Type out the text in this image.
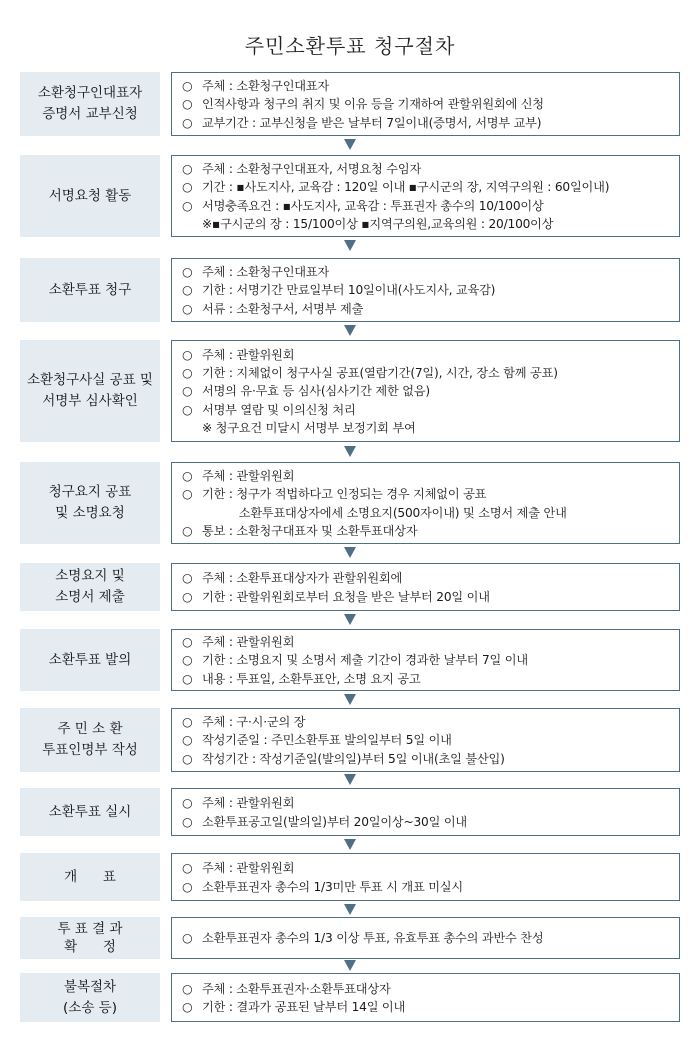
주민소환투표 청구절차
소환청구인대표자
증명서 교부신청
○ 주체 : 소환청구인대표자
○ 인적사항과 청구의 취지 및 이유 등을 기재하여 관할위원회에 신청
○ 교부기간 : 교부신청을 받은 날부터 7일이내(증명서, 서명부 교부)
서명요청 활동
○ 주체 : 소환청구인대표자, 서명요청 수임자
○ 기간 : ▪사도지사, 교육감 : 120일 이내 ▪구시군의 장, 지역구의원 : 60일이내)
○ 서명충족요건 : ▪사도지사, 교육감 : 투표권자 총수의 10/100이상
※▪구시군의 장 : 15/100이상 ▪지역구의원,교육의원 : 20/100이상
소환투표 청구
○ 주체 : 소환청구인대표자
○ 기한 : 서명기간 만료일부터 10일이내(사도지사, 교육감)
○ 서류 : 소환청구서, 서명부 제출
소환청구사실 공표 및
서명부 심사확인
○ 주체 : 관할위원회
○ 기한 : 지체없이 청구사실 공표(열람기간(7일), 시간, 장소 함께 공표)
○ 서명의 유·무효 등 심사(심사기간 제한 없음)
○ 서명부 열람 및 이의신청 처리
※ 청구요건 미달시 서명부 보정기회 부여
청구요지 공표
및 소명요청
○ 주체 : 관할위원회
○ 기한 : 청구가 적법하다고 인정되는 경우 지체없이 공표
소환투표대상자에세 소명요지(500자이내) 및 소명서 제출 안내
○ 통보 : 소환청구대표자 및 소환투표대상자
소명요지 및
소명서 제출
○ 주체 : 소환투표대상자가 관할위원회에
○ 기한 : 관할위원회로부터 요청을 받은 날부터 20일 이내
소환투표 발의
○ 주체 : 관할위원회
○ 기한 : 소명요지 및 소명서 제출 기간이 경과한 날부터 7일 이내
○ 내용 : 투표일, 소환투표안, 소명 요지 공고
주 민 소 환
투표인명부 작성
○ 주체 : 구·시·군의 장
○ 작성기준일 : 주민소환투표 발의일부터 5일 이내
○ 작성기간 : 작성기준일(발의일)부터 5일 이내(초일 불산입)
소환투표 실시
○ 주체 : 관할위원회
○ 소환투표공고일(발의일)부터 20일이상~30일 이내
개      표
○ 주체 : 관할위원회
○ 소환투표권자 총수의 1/3미만 투표 시 개표 미실시
투 표 결 과
확      정
○ 소환투표권자 총수의 1/3 이상 투표, 유효투표 총수의 과반수 찬성
불복절차
(소송 등)
○ 주체 : 소환투표권자·소환투표대상자
○ 기한 : 결과가 공표된 날부터 14일 이내
